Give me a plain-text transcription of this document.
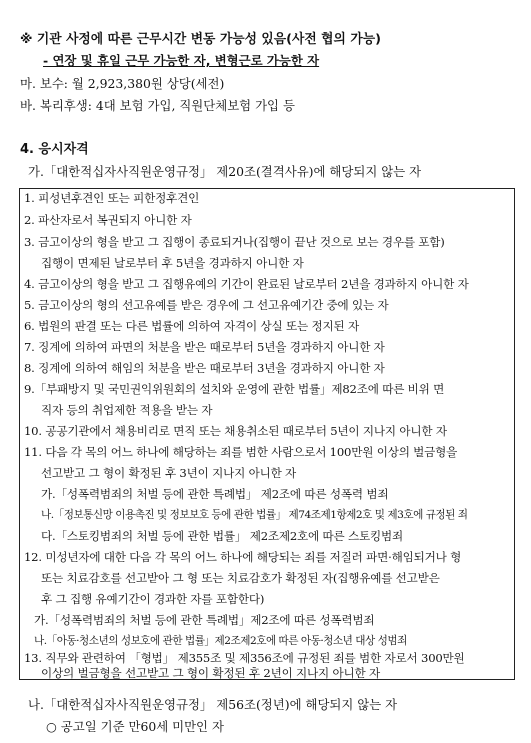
※ 기관 사정에 따른 근무시간 변동 가능성 있음(사전 협의 가능)
- 연장 및 휴일 근무 가능한 자, 변형근로 가능한 자
마. 보수: 월 2,923,380원 상당(세전)
바. 복리후생: 4대 보험 가입, 직원단체보험 가입 등
4. 응시자격
가.「대한적십자사직원운영규정」 제20조(결격사유)에 해당되지 않는 자
1. 피성년후견인 또는 피한정후견인
2. 파산자로서 복권되지 아니한 자
3. 금고이상의 형을 받고 그 집행이 종료되거나(집행이 끝난 것으로 보는 경우를 포함)
집행이 면제된 날로부터 후 5년을 경과하지 아니한 자
4. 금고이상의 형을 받고 그 집행유예의 기간이 완료된 날로부터 2년을 경과하지 아니한 자
5. 금고이상의 형의 선고유예를 받은 경우에 그 선고유예기간 중에 있는 자
6. 법원의 판결 또는 다른 법률에 의하여 자격이 상실 또는 정지된 자
7. 징계에 의하여 파면의 처분을 받은 때로부터 5년을 경과하지 아니한 자
8. 징계에 의하여 해임의 처분을 받은 때로부터 3년을 경과하지 아니한 자
9.「부패방지 및 국민권익위원회의 설치와 운영에 관한 법률」제82조에 따른 비위 면
직자 등의 취업제한 적용을 받는 자
10. 공공기관에서 채용비리로 면직 또는 채용취소된 때로부터 5년이 지나지 아니한 자
11. 다음 각 목의 어느 하나에 해당하는 죄를 범한 사람으로서 100만원 이상의 벌금형을
선고받고 그 형이 확정된 후 3년이 지나지 아니한 자
가.「성폭력범죄의 처벌 등에 관한 특례법」 제2조에 따른 성폭력 범죄
나.「정보통신망 이용촉진 및 정보보호 등에 관한 법률」 제74조제1항제2호 및 제3호에 규정된 죄
다.「스토킹범죄의 처벌 등에 관한 법률」 제2조제2호에 따른 스토킹범죄
12. 미성년자에 대한 다음 각 목의 어느 하나에 해당되는 죄를 저질러 파면·해임되거나 형
또는 치료감호를 선고받아 그 형 또는 치료감호가 확정된 자(집행유예를 선고받은
후 그 집행 유예기간이 경과한 자를 포함한다)
가.「성폭력범죄의 처벌 등에 관한 특례법」제2조에 따른 성폭력범죄
나.「아동·청소년의 성보호에 관한 법률」제2조제2호에 따른 아동·청소년 대상 성범죄
13. 직무와 관련하여 「형법」 제355조 및 제356조에 규정된 죄를 범한 자로서 300만원
이상의 벌금형을 선고받고 그 형이 확정된 후 2년이 지나지 아니한 자
나.「대한적십자사직원운영규정」 제56조(정년)에 해당되지 않는 자
○ 공고일 기준 만60세 미만인 자
